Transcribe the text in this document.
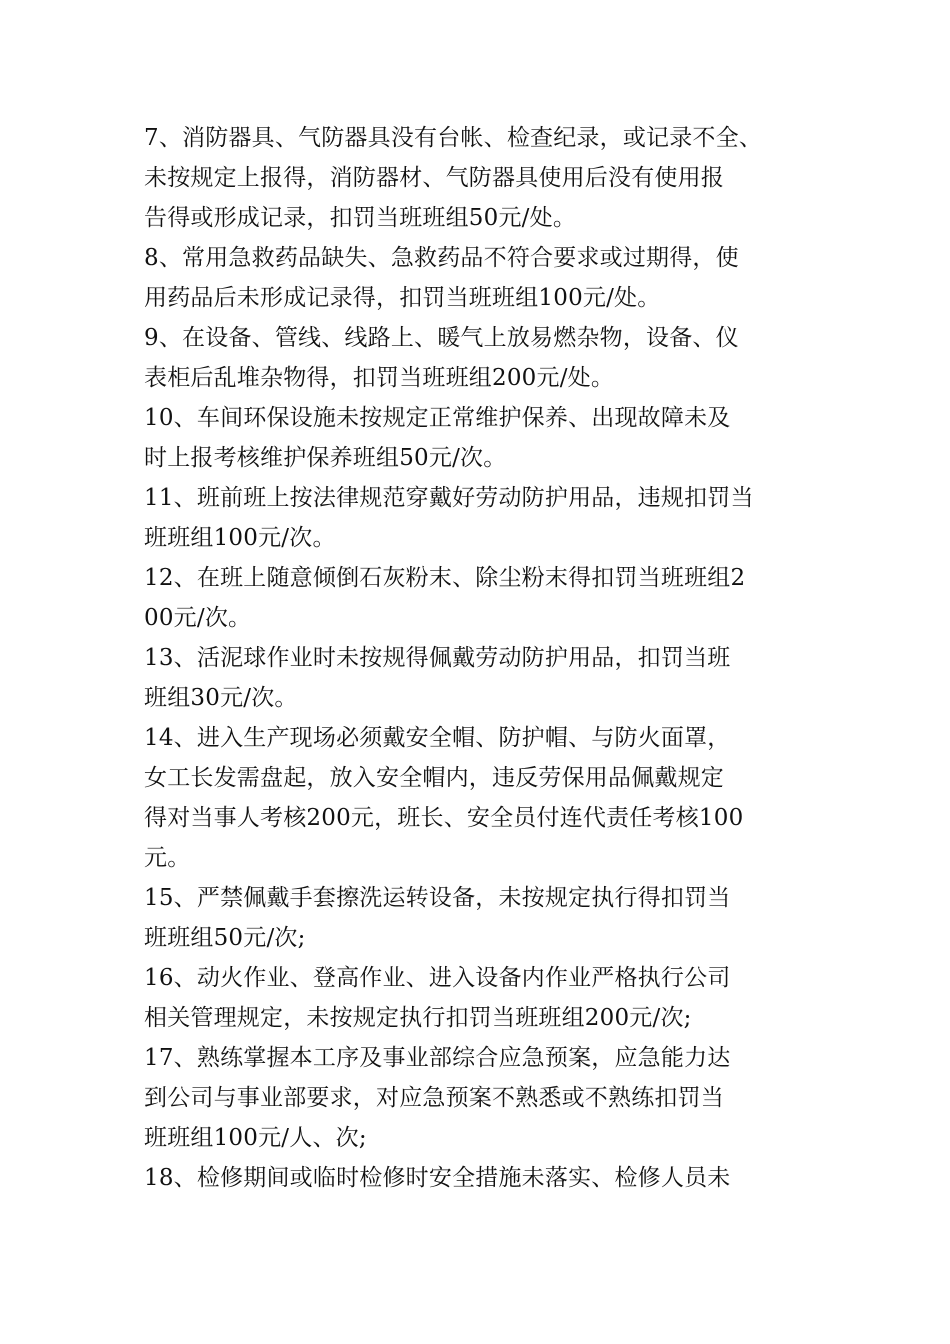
7、消防器具、气防器具没有台帐、检查纪录，或记录不全、
未按规定上报得，消防器材、气防器具使用后没有使用报
告得或形成记录，扣罚当班班组50元/处。
8、常用急救药品缺失、急救药品不符合要求或过期得，使
用药品后未形成记录得，扣罚当班班组100元/处。
9、在设备、管线、线路上、暖气上放易燃杂物，设备、仪
表柜后乱堆杂物得，扣罚当班班组200元/处。
10、车间环保设施未按规定正常维护保养、出现故障未及
时上报考核维护保养班组50元/次。
11、班前班上按法律规范穿戴好劳动防护用品，违规扣罚当
班班组100元/次。
12、在班上随意倾倒石灰粉末、除尘粉末得扣罚当班班组2
00元/次。
13、活泥球作业时未按规得佩戴劳动防护用品，扣罚当班
班组30元/次。
14、进入生产现场必须戴安全帽、防护帽、与防火面罩，
女工长发需盘起，放入安全帽内，违反劳保用品佩戴规定
得对当事人考核200元，班长、安全员付连代责任考核100
元。
15、严禁佩戴手套擦洗运转设备，未按规定执行得扣罚当
班班组50元/次;
16、动火作业、登高作业、进入设备内作业严格执行公司
相关管理规定，未按规定执行扣罚当班班组200元/次;
17、熟练掌握本工序及事业部综合应急预案，应急能力达
到公司与事业部要求，对应急预案不熟悉或不熟练扣罚当
班班组100元/人、次;
18、检修期间或临时检修时安全措施未落实、检修人员未
